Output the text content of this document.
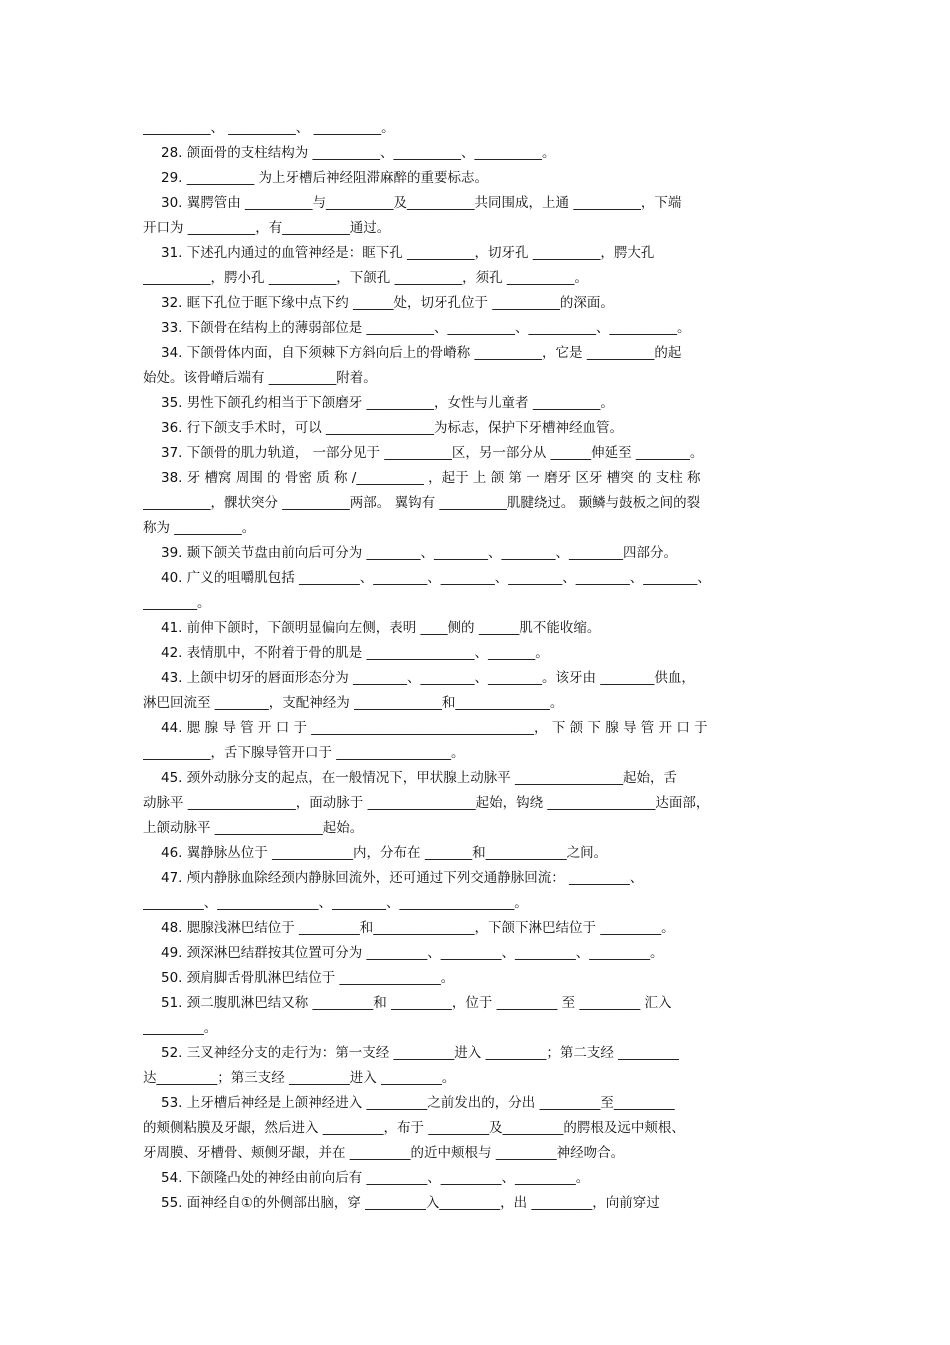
__________、 __________、 __________。
28. 颌面骨的支柱结构为 __________、__________、__________。
29. __________ 为上牙槽后神经阻滞麻醉的重要标志。
30. 翼腭管由 __________与__________及__________共同围成，上通 __________，下端
开口为 __________，有__________通过。
31. 下述孔内通过的血管神经是：眶下孔 __________，切牙孔 __________，腭大孔
__________，腭小孔 __________，下颌孔 __________，须孔 __________。
32. 眶下孔位于眶下缘中点下约 ______处，切牙孔位于 __________的深面。
33. 下颌骨在结构上的薄弱部位是 __________、__________、__________、__________。
34. 下颌骨体内面，自下须棘下方斜向后上的骨嵴称 __________，它是 __________的起
始处。该骨嵴后端有 __________附着。
35. 男性下颌孔约相当于下颌磨牙 __________，女性与儿童者 __________。
36. 行下颌支手术时，可以 ________________为标志，保护下牙槽神经血管。
37. 下颌骨的肌力轨道， 一部分见于 __________区，另一部分从 ______伸延至 ________。
38. 牙 槽窝 周围 的 骨密 质 称 /__________ ，起于 上 颌 第 一 磨牙 区牙 槽突 的 支柱 称
__________，髁状突分 __________两部。 翼钩有 __________肌腱绕过。 颞鳞与鼓板之间的裂
称为 __________。
39. 颞下颌关节盘由前向后可分为 ________、________、________、________四部分。
40. 广义的咀嚼肌包括 _________、________、________、________、________、________、
________。
41. 前伸下颌时，下颌明显偏向左侧，表明 ____侧的 ______肌不能收缩。
42. 表情肌中，不附着于骨的肌是 ________________、_______。
43. 上颌中切牙的唇面形态分为 ________、________、________。该牙由 ________供血，
淋巴回流至 ________，支配神经为 _____________和______________。
44. 腮 腺 导 管 开 口 于 _________________________________， 下 颌 下 腺 导 管 开 口 于
__________，舌下腺导管开口于 _________________。
45. 颈外动脉分支的起点，在一般情况下，甲状腺上动脉平 ________________起始，舌
动脉平 ________________，面动脉于 ________________起始，钩绕 ________________达面部，
上颌动脉平 ________________起始。
46. 翼静脉丛位于 ____________内，分布在 _______和____________之间。
47. 颅内静脉血除经颈内静脉回流外，还可通过下列交通静脉回流： _________、
_________、_______________、________、_________________。
48. 腮腺浅淋巴结位于 _________和_______________，下颌下淋巴结位于 _________。
49. 颈深淋巴结群按其位置可分为 _________、_________、_________、_________。
50. 颈肩脚舌骨肌淋巴结位于 _______________。
51. 颈二腹肌淋巴结又称 _________和 _________，位于 _________ 至 _________ 汇入
_________。
52. 三叉神经分支的走行为：第一支经 _________进入 _________；第二支经 _________
达_________；第三支经 _________进入 _________。
53. 上牙槽后神经是上颌神经进入 _________之前发出的，分出 _________至_________
的颊侧粘膜及牙龈，然后进入 _________，布于 _________及_________的腭根及远中颊根、
牙周膜、牙槽骨、颊侧牙龈，并在 _________的近中颊根与 _________神经吻合。
54. 下颌隆凸处的神经由前向后有 _________、_________、_________。
55. 面神经自①的外侧部出脑，穿 _________入_________，出 _________，向前穿过
